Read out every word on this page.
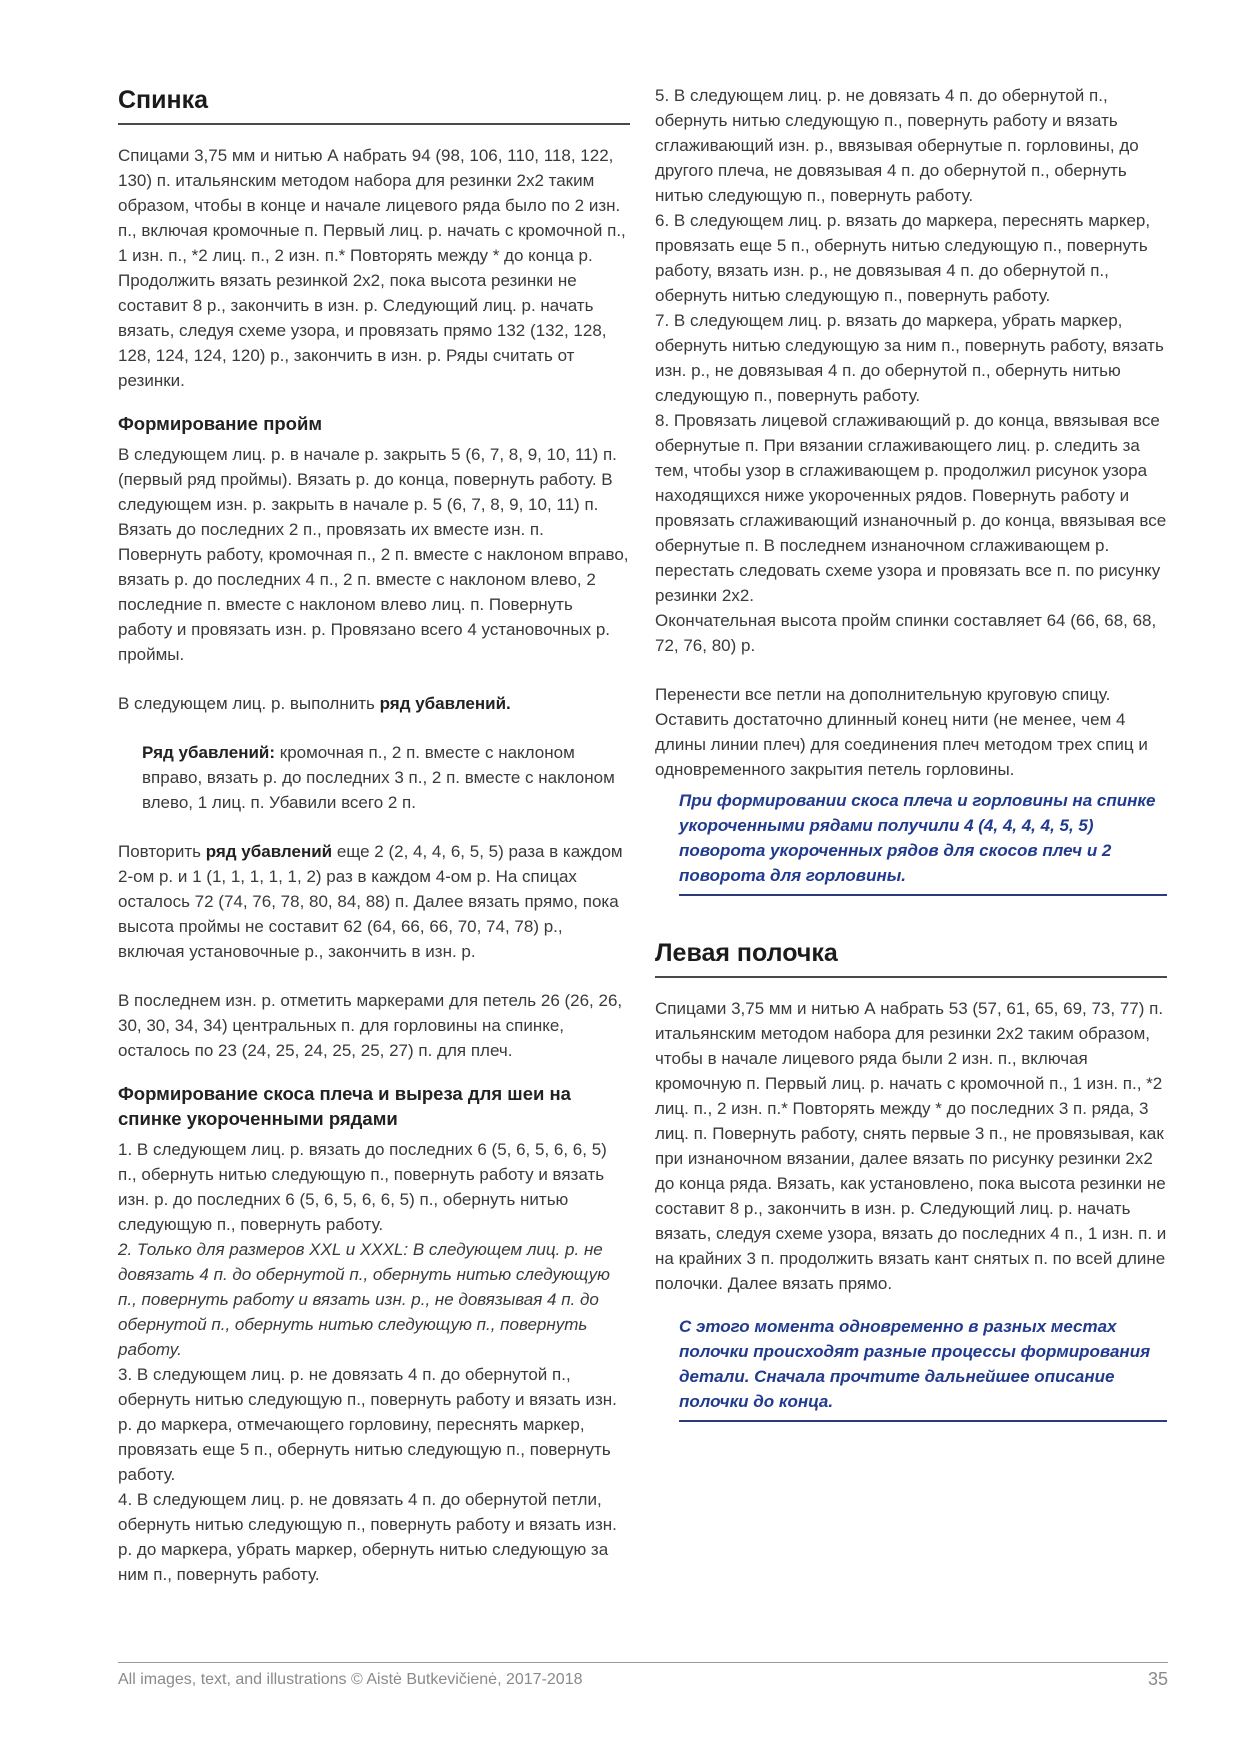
Спинка

Спицами 3,75 мм и нитью А набрать 94 (98, 106, 110, 118, 122, 130) п. итальянским методом набора для резинки 2х2 таким образом, чтобы в конце и начале лицевого ряда было по 2 изн. п., включая кромочные п. Первый лиц. р. начать с кромочной п., 1 изн. п., *2 лиц. п., 2 изн. п.* Повторять между * до конца р. Продолжить вязать резинкой 2х2, пока высота резинки не составит 8 р., закончить в изн. р. Следующий лиц. р. начать вязать, следуя схеме узора, и провязать прямо 132 (132, 128, 128, 124, 124, 120) р., закончить в изн. р. Ряды считать от резинки.

Формирование пройм

В следующем лиц. р. в начале р. закрыть 5 (6, 7, 8, 9, 10, 11) п. (первый ряд проймы). Вязать р. до конца, повернуть работу. В следующем изн. р. закрыть в начале р. 5 (6, 7, 8, 9, 10, 11) п. Вязать до последних 2 п., провязать их вместе изн. п. Повернуть работу, кромочная п., 2 п. вместе с наклоном вправо, вязать р. до последних 4 п., 2 п. вместе с наклоном влево, 2 последние п. вместе с наклоном влево лиц. п. Повернуть работу и провязать изн. р. Провязано всего 4 установочных р. проймы.

В следующем лиц. р. выполнить ряд убавлений.

Ряд убавлений: кромочная п., 2 п. вместе с наклоном вправо, вязать р. до последних 3 п., 2 п. вместе с наклоном влево, 1 лиц. п. Убавили всего 2 п.

Повторить ряд убавлений еще 2 (2, 4, 4, 6, 5, 5) раза в каждом 2-ом р. и 1 (1, 1, 1, 1, 1, 2) раз в каждом 4-ом р. На спицах осталось 72 (74, 76, 78, 80, 84, 88) п. Далее вязать прямо, пока высота проймы не составит 62 (64, 66, 66, 70, 74, 78) р., включая установочные р., закончить в изн. р.

В последнем изн. р. отметить маркерами для петель 26 (26, 26, 30, 30, 34, 34) центральных п. для горловины на спинке, осталось по 23 (24, 25, 24, 25, 25, 27) п. для плеч.

Формирование скоса плеча и выреза для шеи на спинке укороченными рядами

1. В следующем лиц. р. вязать до последних 6 (5, 6, 5, 6, 6, 5) п., обернуть нитью следующую п., повернуть работу и вязать изн. р. до последних 6 (5, 6, 5, 6, 6, 5) п., обернуть нитью следующую п., повернуть работу.

2. Только для размеров XXL и XXXL: В следующем лиц. р. не довязать 4 п. до обернутой п., обернуть нитью следующую п., повернуть работу и вязать изн. р., не довязывая 4 п. до обернутой п., обернуть нитью следующую п., повернуть работу.

3. В следующем лиц. р. не довязать 4 п. до обернутой п., обернуть нитью следующую п., повернуть работу и вязать изн. р. до маркера, отмечающего горловину, переснять маркер, провязать еще 5 п., обернуть нитью следующую п., повернуть работу.

4. В следующем лиц. р. не довязать 4 п. до обернутой петли, обернуть нитью следующую п., повернуть работу и вязать изн. р. до маркера, убрать маркер, обернуть нитью следующую за ним п., повернуть работу.

5. В следующем лиц. р. не довязать 4 п. до обернутой п., обернуть нитью следующую п., повернуть работу и вязать сглаживающий изн. р., ввязывая обернутые п. горловины, до другого плеча, не довязывая 4 п. до обернутой п., обернуть нитью следующую п., повернуть работу.

6. В следующем лиц. р. вязать до маркера, переснять маркер, провязать еще 5 п., обернуть нитью следующую п., повернуть работу, вязать изн. р., не довязывая 4 п. до обернутой п., обернуть нитью следующую п., повернуть работу.

7. В следующем лиц. р. вязать до маркера, убрать маркер, обернуть нитью следующую за ним п., повернуть работу, вязать изн. р., не довязывая 4 п. до обернутой п., обернуть нитью следующую п., повернуть работу.

8. Провязать лицевой сглаживающий р. до конца, ввязывая все обернутые п. При вязании сглаживающего лиц. р. следить за тем, чтобы узор в сглаживающем р. продолжил рисунок узора находящихся ниже укороченных рядов. Повернуть работу и провязать сглаживающий изнаночный р. до конца, ввязывая все обернутые п. В последнем изнаночном сглаживающем р. перестать следовать схеме узора и провязать все п. по рисунку резинки 2х2.

Окончательная высота пройм спинки составляет 64 (66, 68, 68, 72, 76, 80) р.

Перенести все петли на дополнительную круговую спицу. Оставить достаточно длинный конец нити (не менее, чем 4 длины линии плеч) для соединения плеч методом трех спиц и одновременного закрытия петель горловины.

При формировании скоса плеча и горловины на спинке укороченными рядами получили 4 (4, 4, 4, 4, 5, 5) поворота укороченных рядов для скосов плеч и 2 поворота для горловины.

Левая полочка

Спицами 3,75 мм и нитью А набрать 53 (57, 61, 65, 69, 73, 77) п. итальянским методом набора для резинки 2х2 таким образом, чтобы в начале лицевого ряда были 2 изн. п., включая кромочную п. Первый лиц. р. начать с кромочной п., 1 изн. п., *2 лиц. п., 2 изн. п.* Повторять между * до последних 3 п. ряда, 3 лиц. п. Повернуть работу, снять первые 3 п., не провязывая, как при изнаночном вязании, далее вязать по рисунку резинки 2х2 до конца ряда. Вязать, как установлено, пока высота резинки не составит 8 р., закончить в изн. р. Следующий лиц. р. начать вязать, следуя схеме узора, вязать до последних 4 п., 1 изн. п. и на крайних 3 п. продолжить вязать кант снятых п. по всей длине полочки. Далее вязать прямо.

С этого момента одновременно в разных местах полочки происходят разные процессы формирования детали. Сначала прочтите дальнейшее описание полочки до конца.

All images, text, and illustrations © Aistė Butkevičienė, 2017-2018	35
